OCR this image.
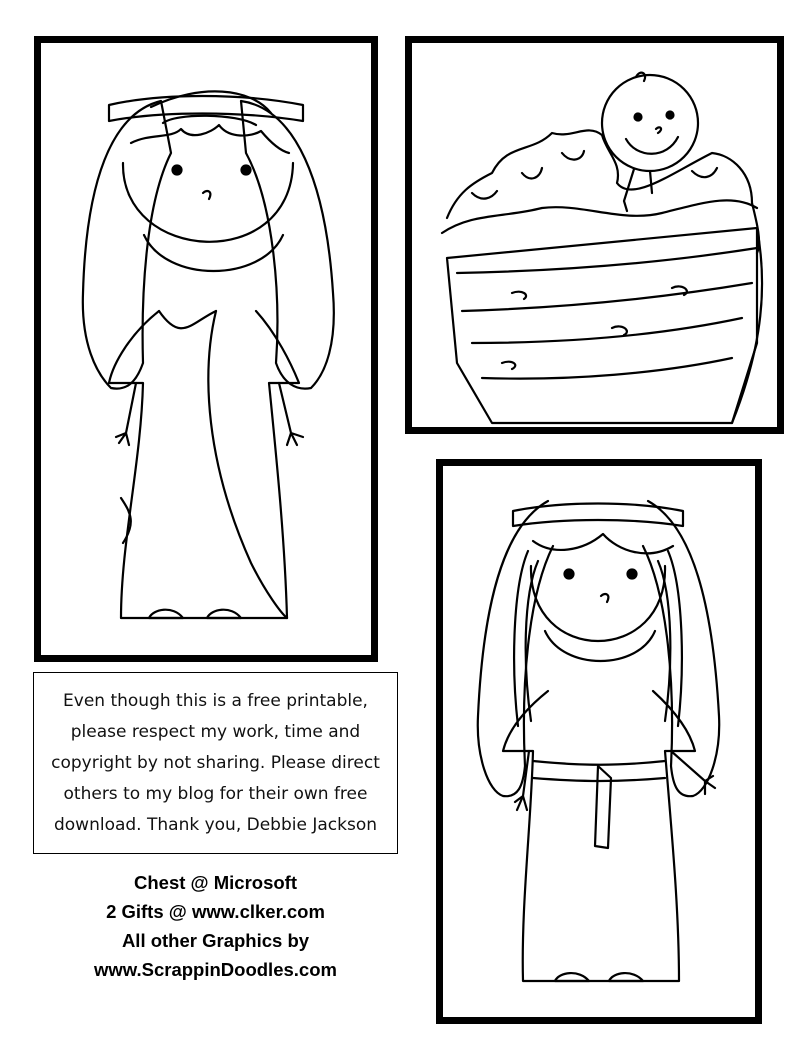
Even though this is a free printable, please respect my work, time and copyright by not sharing. Please direct others to my blog for their own free download. Thank you, Debbie Jackson

Chest @ Microsoft
2 Gifts @ www.clker.com
All other Graphics by
www.ScrappinDoodles.com
